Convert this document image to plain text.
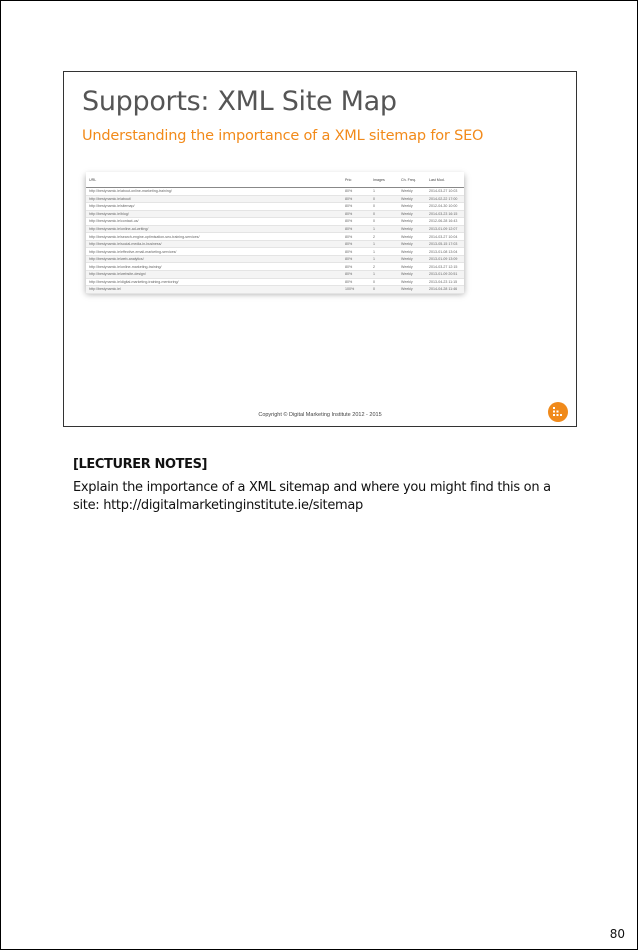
Supports: XML Site Map
Understanding the importance of a XML sitemap for SEO
URL	Prio	Images	Ch. Freq.	Last Mod.
http://bestynamic.ie/about-online-marketing-training/	80%	1	Weekly	2014-03-27 10:03
http://bestynamic.ie/about/	80%	0	Weekly	2014-02-22 17:00
http://bestynamic.ie/sitemap/	80%	0	Weekly	2012-04-30 10:00
http://bestynamic.ie/blog/	80%	0	Weekly	2014-03-23 16:15
http://bestynamic.ie/contact-us/	80%	0	Weekly	2012-06-28 16:43
http://bestynamic.ie/online-ad-writing/	80%	1	Weekly	2013-01-09 12:07
http://bestynamic.ie/search-engine-optimisation-seo-training-services/	80%	2	Weekly	2014-03-27 10:04
http://bestynamic.ie/social-media-in-business/	80%	1	Weekly	2013-05-15 17:03
http://bestynamic.ie/effective-email-marketing-services/	80%	1	Weekly	2013-01-08 13:04
http://bestynamic.ie/web-analytics/	80%	1	Weekly	2013-01-09 13:09
http://bestynamic.ie/online-marketing-training/	80%	2	Weekly	2014-03-27 12:15
http://bestynamic.ie/website-design/	80%	1	Weekly	2013-01-09 20:51
http://bestynamic.ie/digital-marketing-training-mentoring/	80%	0	Weekly	2013-04-23 11:15
http://bestynamic.ie/	100%	0	Weekly	2014-04-28 11:46
Copyright © Digital Marketing Institute 2012 - 2015
[LECTURER NOTES]
Explain the importance of a XML sitemap and where you might find this on a site: http://digitalmarketinginstitute.ie/sitemap
80
